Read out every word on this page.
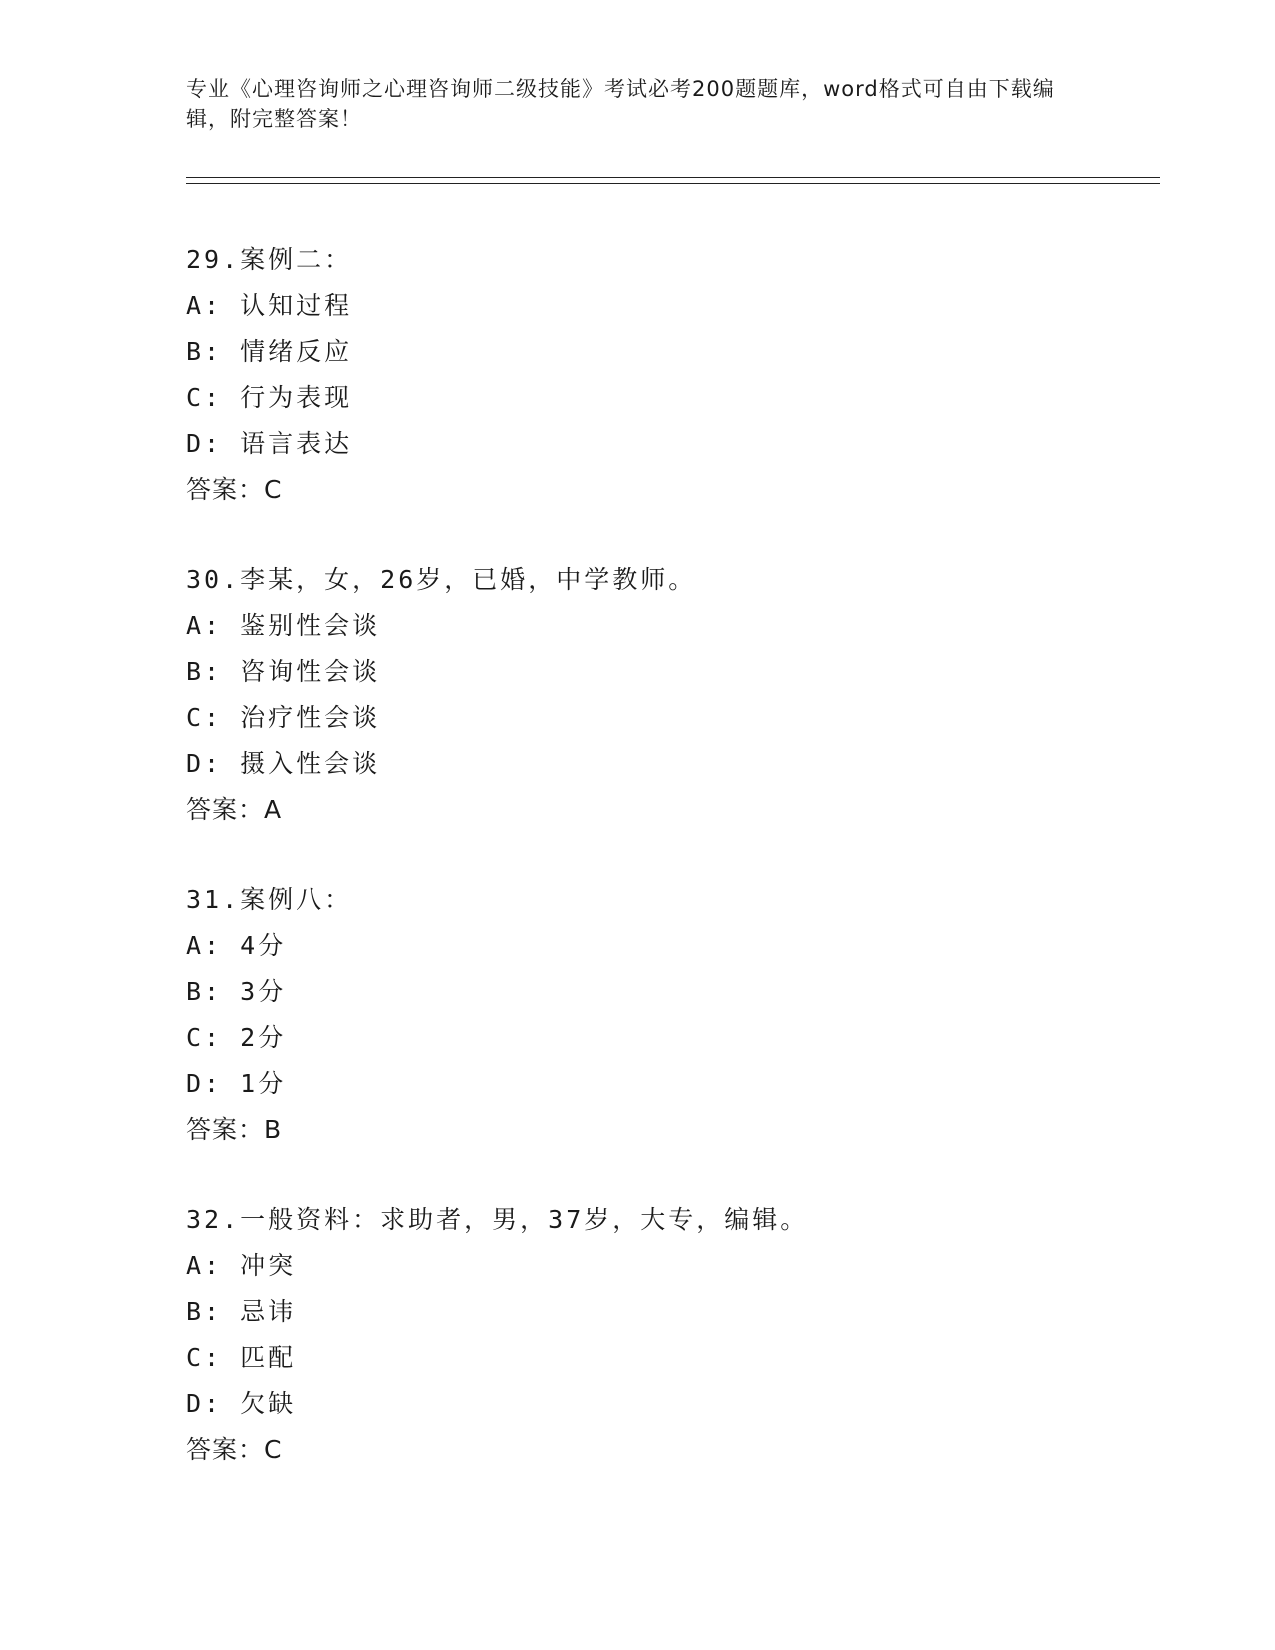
专业《心理咨询师之心理咨询师二级技能》考试必考200题题库，word格式可自由下载编辑，附完整答案！
29.案例二：
A: 认知过程
B: 情绪反应
C: 行为表现
D: 语言表达
答案：C
30.李某，女，26岁，已婚，中学教师。
A: 鉴别性会谈
B: 咨询性会谈
C: 治疗性会谈
D: 摄入性会谈
答案：A
31.案例八：
A: 4分
B: 3分
C: 2分
D: 1分
答案：B
32.一般资料：求助者，男，37岁，大专，编辑。
A: 冲突
B: 忌讳
C: 匹配
D: 欠缺
答案：C
